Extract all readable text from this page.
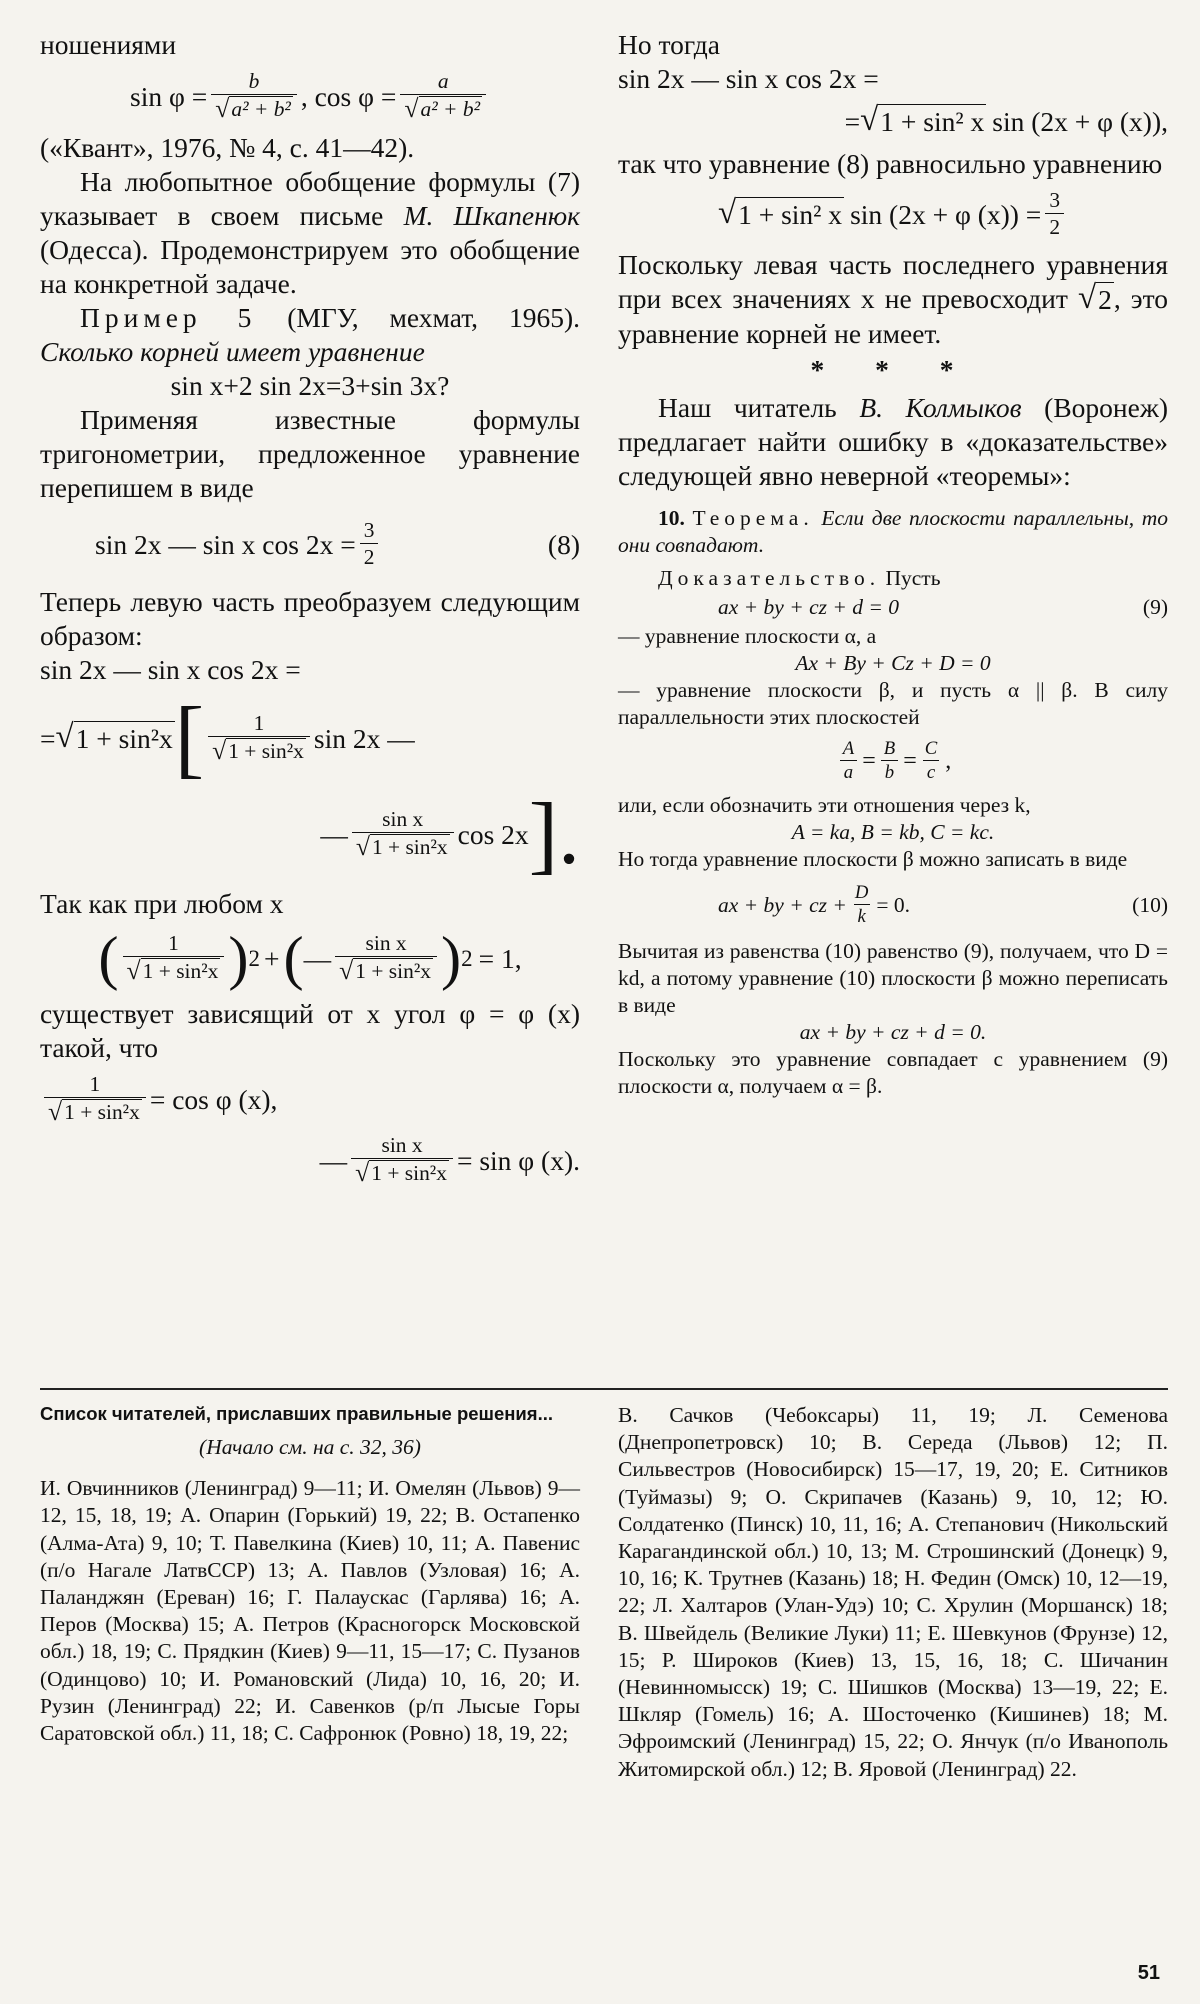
ношениями

$\sin \varphi = \frac{b}{\text{√ a² + b²}}$ , $\cos \varphi = \frac{a}{\text{√ a² + b²}}$

(«Квант», 1976, № 4, с. 41—42).

На любопытное обобщение формулы (7) указывает в своем письме М. Шкапенюк (Одесса). Продемонстрируем это обобщение на конкретной задаче.

Пример 5 (МГУ, мехмат, 1965). Сколько корней имеет уравнение

sin x+2 sin 2x=3+sin 3x?

Применяя известные формулы тригонометрии, предложенное уравнение перепишем в виде

sin 2x — sin x $\cos 2x = \frac{3}{2}$	(8)

Теперь левую часть преобразуем следующим образом:

sin 2x — sin x cos 2x =

= √ 1 + sin²x [ $\frac{1}{\text{√ 1 + sin²x}}$ sin 2x —
— $\frac{\text{sin x}}{\text{√ 1 + sin²x}}$ cos 2x ].

Так как при любом x

( $\frac{1}{\text{√ 1 + sin²x}}$ ) 2 + ( — $\frac{\text{sin x}}{\text{√ 1 + sin²x}}$ ) 2 = 1,

существует зависящий от x угол φ = φ (x) такой, что

$\frac{1}{\text{√ 1 + sin²x}} = \cos \varphi$ (x),
— $\frac{\text{sin x}}{\text{√ 1 + sin²x}} = \sin \varphi$ (x).

Но тогда

sin 2x — sin x cos 2x =

= √ 1 + sin² x sin (2x + φ (x)),

так что уравнение (8) равносильно уравнению

√ 1 + sin² x sin (2x + φ $(x)) = \frac{3}{2}$

Поскольку левая часть последнего уравнения при всех значениях x не превосходит √ 2 , это уравнение корней не имеет.

* * *

Наш читатель В. Колмыков (Воронеж) предлагает найти ошибку в «доказательстве» следующей явно неверной «теоремы»:

10. Теорема. Если две плоскости параллельны, то они совпадают.

Доказательство. Пусть

ax + by + cz + d = 0	(9)

— уравнение плоскости α, а

Ax + By + Cz + D = 0

— уравнение плоскости β, и пусть α || β. В силу параллельности этих плоскостей

$\frac{A}{a} = \frac{B}{b} = \frac{C}{c}$ ,

или, если обозначить эти отношения через k,

A = ka, B = kb, C = kc.

Но тогда уравнение плоскости β можно записать в виде

ax + by + cz + $\frac{D}{k} = 0$.	(10)

Вычитая из равенства (10) равенство (9), получаем, что D = kd, а потому уравнение (10) плоскости β можно переписать в виде

ax + by + cz + d = 0.

Поскольку это уравнение совпадает с уравнением (9) плоскости α, получаем α = β.

Список читателей, приславших правильные решения...
(Начало см. на с. 32, 36)

И. Овчинников (Ленинград) 9—11; И. Омелян (Львов) 9—12, 15, 18, 19; А. Опарин (Горький) 19, 22; В. Остапенко (Алма-Ата) 9, 10; Т. Павелкина (Киев) 10, 11; А. Павенис (п/о Нагале ЛатвССР) 13; А. Павлов (Узловая) 16; А. Паланджян (Ереван) 16; Г. Палаускас (Гарлява) 16; А. Перов (Москва) 15; А. Петров (Красногорск Московской обл.) 18, 19; С. Прядкин (Киев) 9—11, 15—17; С. Пузанов (Одинцово) 10; И. Романовский (Лида) 10, 16, 20; И. Рузин (Ленинград) 22; И. Савенков (р/п Лысые Горы Саратовской обл.) 11, 18; С. Сафронюк (Ровно) 18, 19, 22;

В. Сачков (Чебоксары) 11, 19; Л. Семенова (Днепропетровск) 10; В. Середа (Львов) 12; П. Сильвестров (Новосибирск) 15—17, 19, 20; Е. Ситников (Туймазы) 9; О. Скрипачев (Казань) 9, 10, 12; Ю. Солдатенко (Пинск) 10, 11, 16; А. Степанович (Никольский Карагандинской обл.) 10, 13; М. Строшинский (Донецк) 9, 10, 16; К. Трутнев (Казань) 18; Н. Федин (Омск) 10, 12—19, 22; Л. Халтаров (Улан-Удэ) 10; С. Хрулин (Моршанск) 18; В. Швейдель (Великие Луки) 11; Е. Шевкунов (Фрунзе) 12, 15; Р. Широков (Киев) 13, 15, 16, 18; С. Шичанин (Невинномысск) 19; С. Шишков (Москва) 13—19, 22; Е. Шкляр (Гомель) 16; А. Шосточенко (Кишинев) 18; М. Эфроимский (Ленинград) 15, 22; О. Янчук (п/о Иванополь Житомирской обл.) 12; В. Яровой (Ленинград) 22.

51
